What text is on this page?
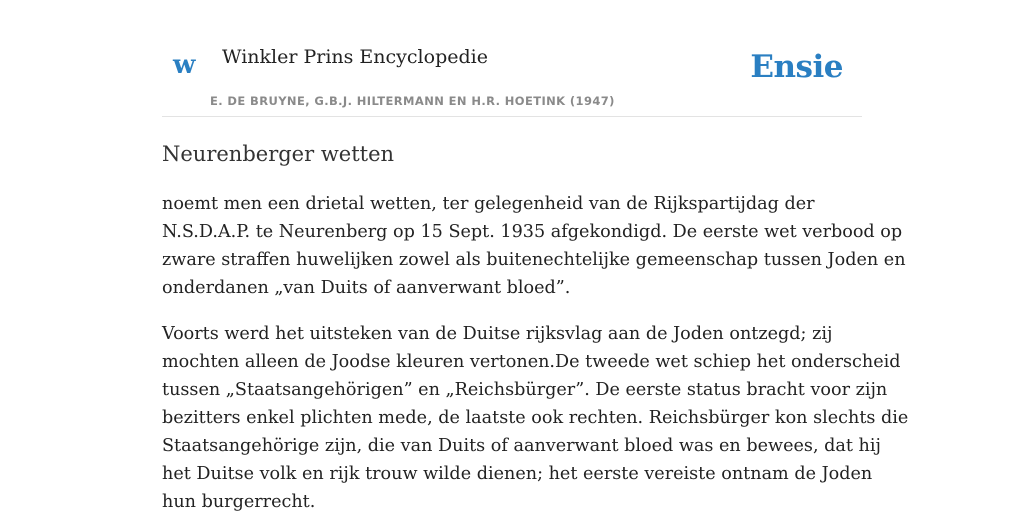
w Winkler Prins Encyclopedie
E. DE BRUYNE, G.B.J. HILTERMANN EN H.R. HOETINK (1947)
Ensie
Neurenberger wetten

noemt men een drietal wetten, ter gelegenheid van de Rijkspartijdag der
N.S.D.A.P. te Neurenberg op 15 Sept. 1935 afgekondigd. De eerste wet verbood op
zware straffen huwelijken zowel als buitenechtelijke gemeenschap tussen Joden en
onderdanen „van Duits of aanverwant bloed”.

Voorts werd het uitsteken van de Duitse rijksvlag aan de Joden ontzegd; zij
mochten alleen de Joodse kleuren vertonen.De tweede wet schiep het onderscheid
tussen „Staatsangehörigen” en „Reichsbürger”. De eerste status bracht voor zijn
bezitters enkel plichten mede, de laatste ook rechten. Reichsbürger kon slechts die
Staatsangehörige zijn, die van Duits of aanverwant bloed was en bewees, dat hij
het Duitse volk en rijk trouw wilde dienen; het eerste vereiste ontnam de Joden
hun burgerrecht.
